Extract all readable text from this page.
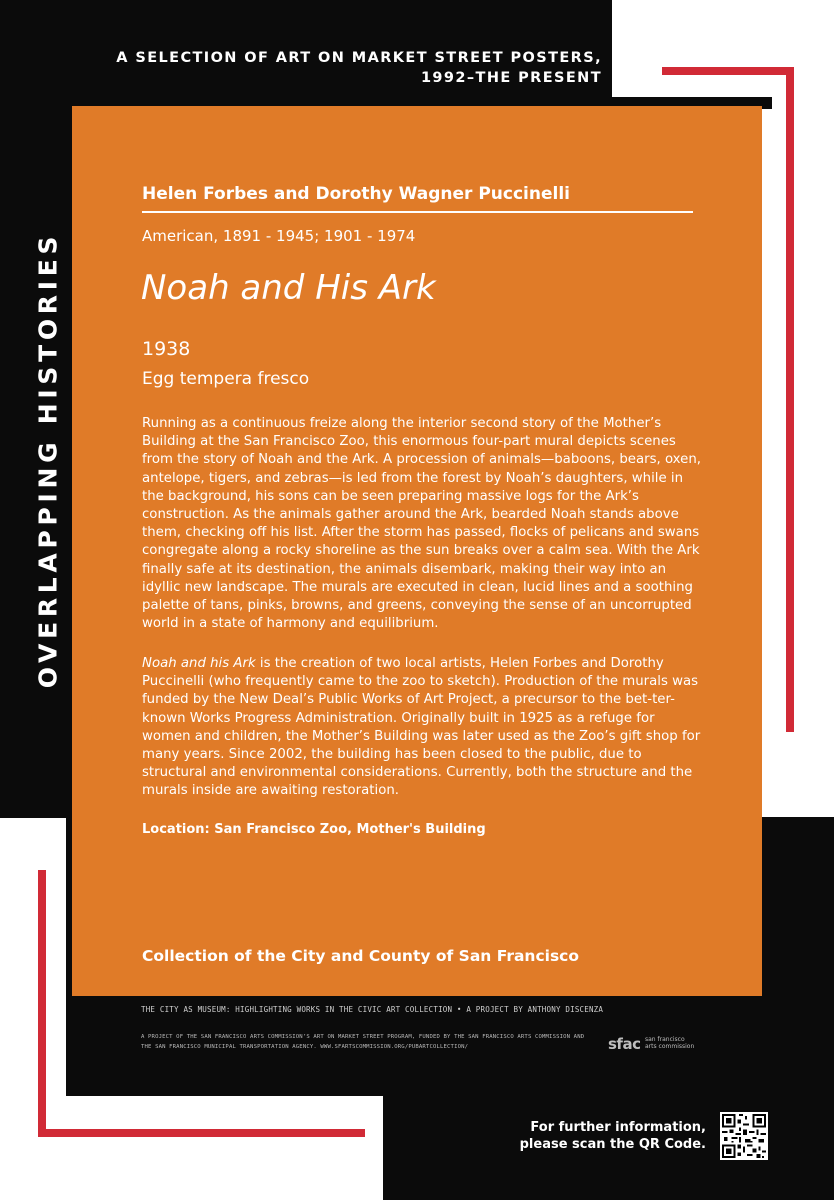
A SELECTION OF ART ON MARKET STREET POSTERS,
1992–THE PRESENT
OVERLAPPING HISTORIES
Helen Forbes and Dorothy Wagner Puccinelli
American, 1891 - 1945; 1901 - 1974
Noah and His Ark
1938
Egg tempera fresco
Running as a continuous freize along the interior second story of the Mother’s Building at the San Francisco Zoo, this enormous four-part mural depicts scenes from the story of Noah and the Ark. A procession of animals—baboons, bears, oxen, antelope, tigers, and zebras—is led from the forest by Noah’s daughters, while in the background, his sons can be seen preparing massive logs for the Ark’s construction. As the animals gather around the Ark, bearded Noah stands above them, checking off his list. After the storm has passed, flocks of pelicans and swans congregate along a rocky shoreline as the sun breaks over a calm sea. With the Ark finally safe at its destination, the animals disembark, making their way into an idyllic new landscape. The murals are executed in clean, lucid lines and a soothing palette of tans, pinks, browns, and greens, conveying the sense of an uncorrupted world in a state of harmony and equilibrium.
Noah and his Ark is the creation of two local artists, Helen Forbes and Dorothy Puccinelli (who frequently came to the zoo to sketch). Production of the murals was funded by the New Deal’s Public Works of Art Project, a precursor to the bet-ter-known Works Progress Administration. Originally built in 1925 as a refuge for women and children, the Mother’s Building was later used as the Zoo’s gift shop for many years. Since 2002, the building has been closed to the public, due to structural and environmental considerations. Currently, both the structure and the murals inside are awaiting restoration.
Location: San Francisco Zoo, Mother's Building
Collection of the City and County of San Francisco
THE CITY AS MUSEUM: HIGHLIGHTING WORKS IN THE CIVIC ART COLLECTION • A PROJECT BY ANTHONY DISCENZA
A PROJECT OF THE SAN FRANCISCO ARTS COMMISSION’S ART ON MARKET STREET PROGRAM, FUNDED BY THE SAN FRANCISCO ARTS COMMISSION AND THE SAN FRANCISCO MUNICIPAL TRANSPORTATION AGENCY. WWW.SFARTSCOMMISSION.ORG/PUBARTCOLLECTION/	sfac san francisco
arts commission
For further information,
please scan the QR Code.
